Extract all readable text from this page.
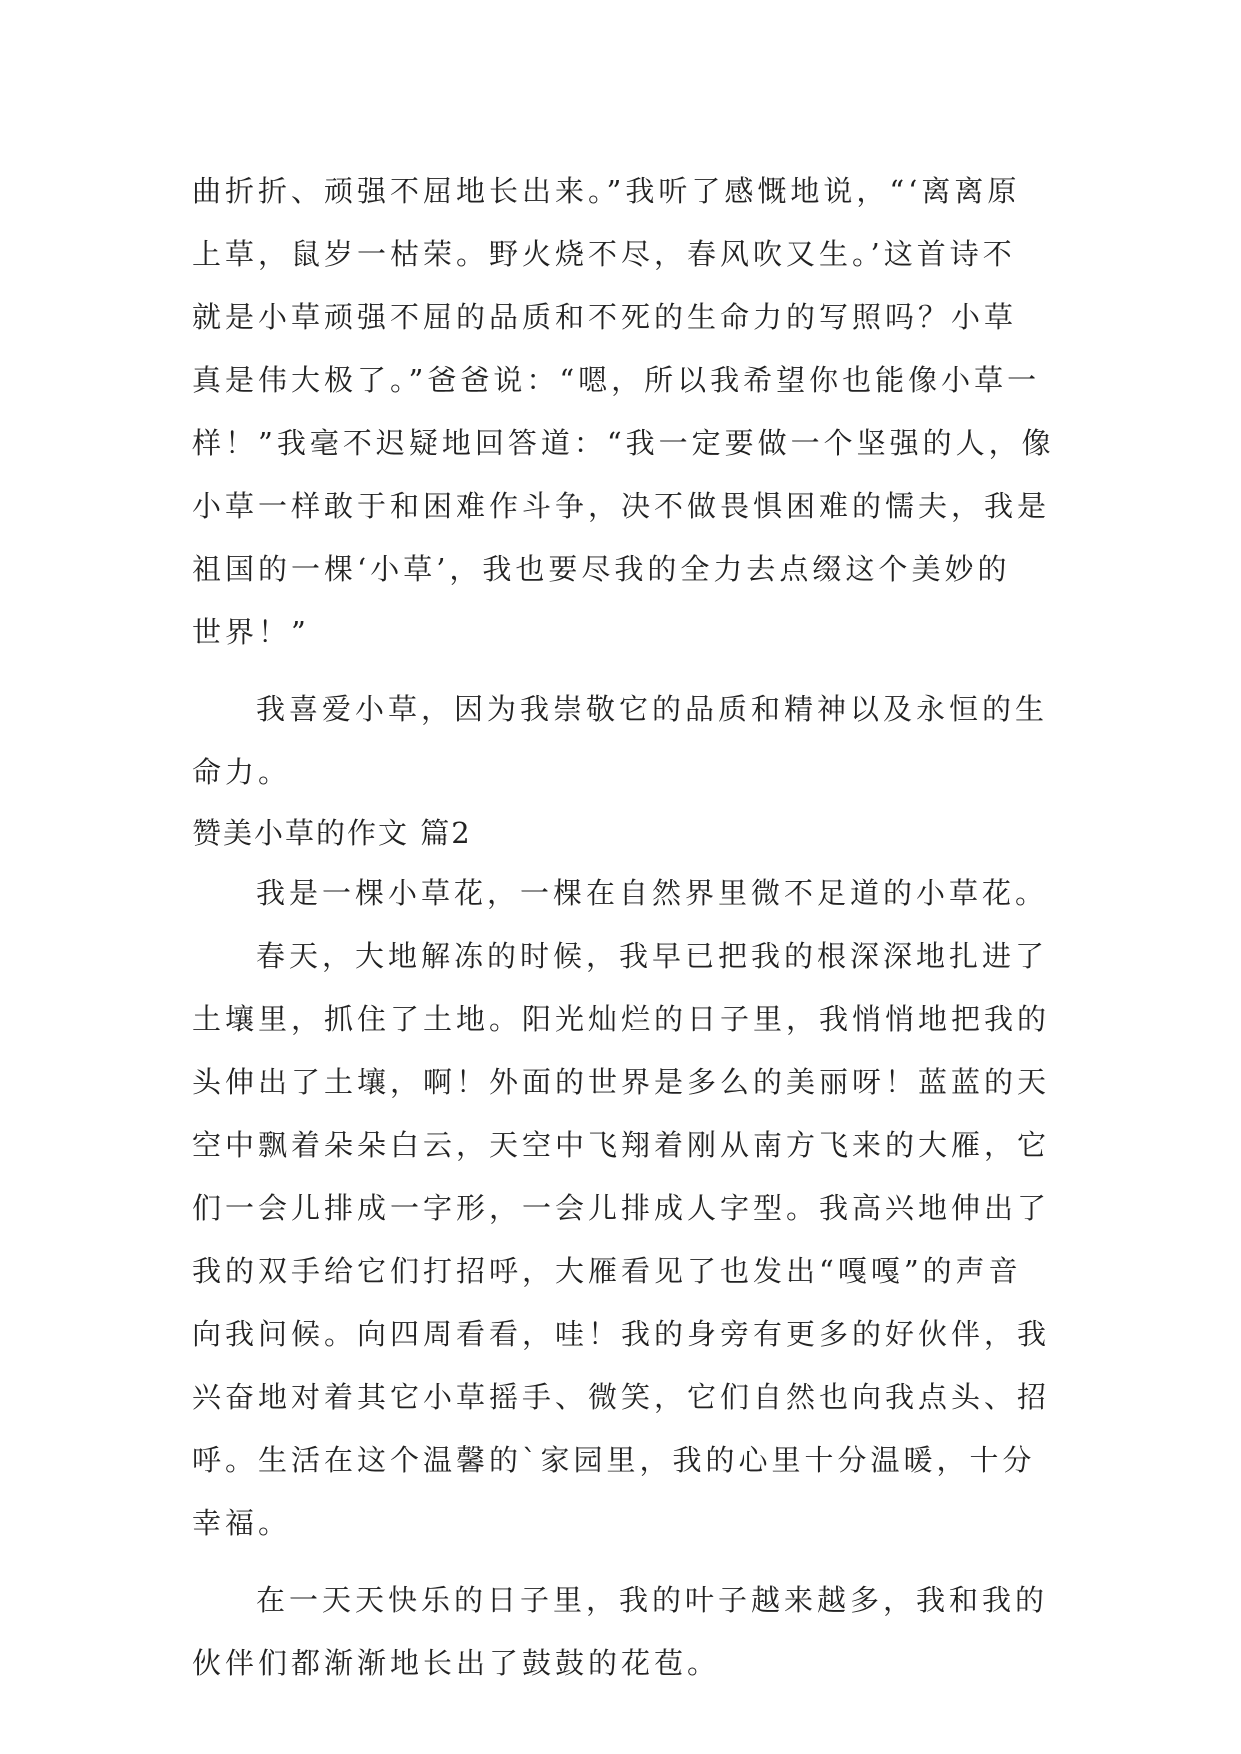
曲折折、顽强不屈地长出来。”我听了感慨地说，“‘离离原
上草，鼠岁一枯荣。野火烧不尽，春风吹又生。’这首诗不
就是小草顽强不屈的品质和不死的生命力的写照吗？小草
真是伟大极了。”爸爸说：“嗯，所以我希望你也能像小草一
样！”我毫不迟疑地回答道：“我一定要做一个坚强的人，像
小草一样敢于和困难作斗争，决不做畏惧困难的懦夫，我是
祖国的一棵‘小草’，我也要尽我的全力去点缀这个美妙的
世界！”
我喜爱小草，因为我崇敬它的品质和精神以及永恒的生
命力。
赞美小草的作文 篇2
我是一棵小草花，一棵在自然界里微不足道的小草花。
春天，大地解冻的时候，我早已把我的根深深地扎进了
土壤里，抓住了土地。阳光灿烂的日子里，我悄悄地把我的
头伸出了土壤，啊！外面的世界是多么的美丽呀！蓝蓝的天
空中飘着朵朵白云，天空中飞翔着刚从南方飞来的大雁，它
们一会儿排成一字形，一会儿排成人字型。我高兴地伸出了
我的双手给它们打招呼，大雁看见了也发出“嘎嘎”的声音
向我问候。向四周看看，哇！我的身旁有更多的好伙伴，我
兴奋地对着其它小草摇手、微笑，它们自然也向我点头、招
呼。生活在这个温馨的`家园里，我的心里十分温暖，十分
幸福。
在一天天快乐的日子里，我的叶子越来越多，我和我的
伙伴们都渐渐地长出了鼓鼓的花苞。
